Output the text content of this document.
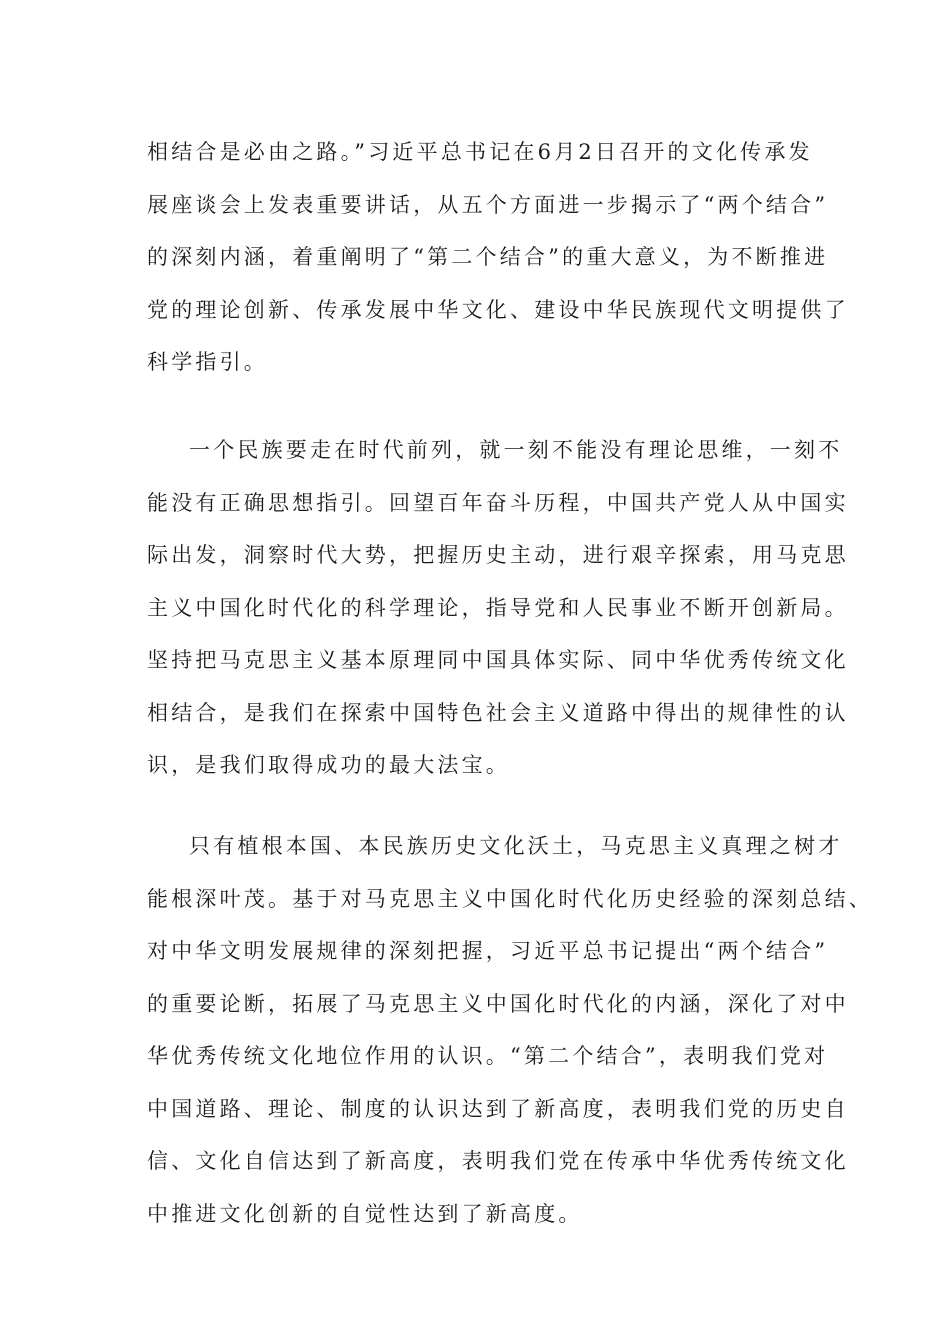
相结合是必由之路。”习近平总书记在6月2日召开的文化传承发
展座谈会上发表重要讲话，从五个方面进一步揭示了“两个结合”
的深刻内涵，着重阐明了“第二个结合”的重大意义，为不断推进
党的理论创新、传承发展中华文化、建设中华民族现代文明提供了
科学指引。
一个民族要走在时代前列，就一刻不能没有理论思维，一刻不
能没有正确思想指引。回望百年奋斗历程，中国共产党人从中国实
际出发，洞察时代大势，把握历史主动，进行艰辛探索，用马克思
主义中国化时代化的科学理论，指导党和人民事业不断开创新局。
坚持把马克思主义基本原理同中国具体实际、同中华优秀传统文化
相结合，是我们在探索中国特色社会主义道路中得出的规律性的认
识，是我们取得成功的最大法宝。
只有植根本国、本民族历史文化沃土，马克思主义真理之树才
能根深叶茂。基于对马克思主义中国化时代化历史经验的深刻总结、
对中华文明发展规律的深刻把握，习近平总书记提出“两个结合”
的重要论断，拓展了马克思主义中国化时代化的内涵，深化了对中
华优秀传统文化地位作用的认识。“第二个结合”，表明我们党对
中国道路、理论、制度的认识达到了新高度，表明我们党的历史自
信、文化自信达到了新高度，表明我们党在传承中华优秀传统文化
中推进文化创新的自觉性达到了新高度。
